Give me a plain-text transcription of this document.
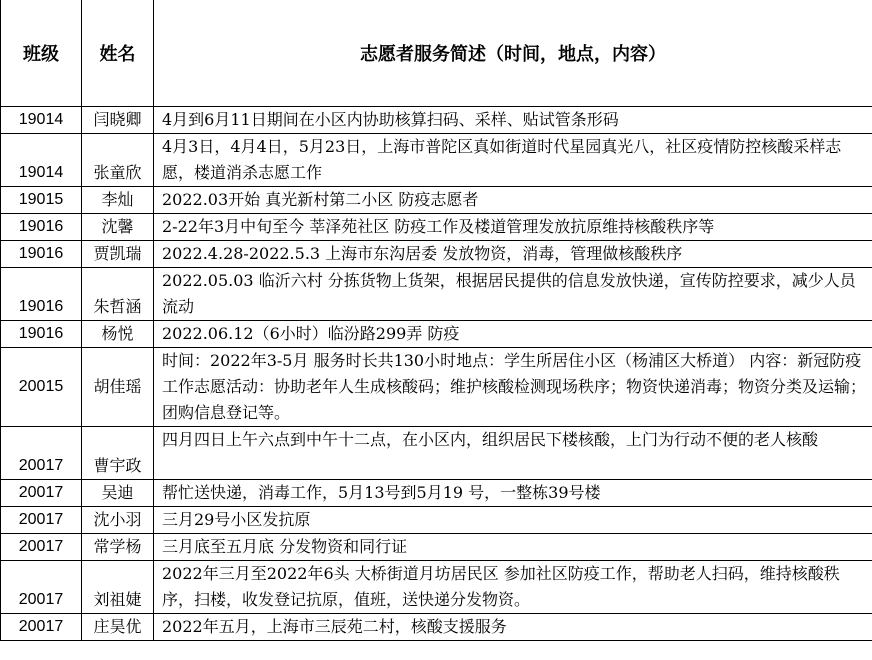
班级	姓名	志愿者服务简述（时间，地点，内容）
19014	闫晓卿	4月到6月11日期间在小区内协助核算扫码、采样、贴试管条形码
19014	张童欣	4月3日，4月4日，5月23日，上海市普陀区真如街道时代星园真光八，社区疫情防控核酸采样志愿，楼道消杀志愿工作
19015	李灿	2022.03开始 真光新村第二小区 防疫志愿者
19016	沈馨	2-22年3月中旬至今 莘泽苑社区 防疫工作及楼道管理发放抗原维持核酸秩序等
19016	贾凯瑞	2022.4.28-2022.5.3 上海市东沟居委 发放物资，消毒，管理做核酸秩序
19016	朱哲涵	2022.05.03 临沂六村 分拣货物上货架，根据居民提供的信息发放快递，宣传防控要求，减少人员流动
19016	杨悦	2022.06.12（6小时）临汾路299弄 防疫
20015	胡佳瑶	时间：2022年3-5月 服务时长共130小时地点：学生所居住小区（杨浦区大桥道） 内容：新冠防疫工作志愿活动：协助老年人生成核酸码；维护核酸检测现场秩序；物资快递消毒；物资分类及运输；团购信息登记等。
20017	曹宇政	四月四日上午六点到中午十二点，在小区内，组织居民下楼核酸，上门为行动不便的老人核酸
20017	吴迪	帮忙送快递，消毒工作，5月13号到5月19 号，一整栋39号楼
20017	沈小羽	三月29号小区发抗原
20017	常学杨	三月底至五月底 分发物资和同行证
20017	刘祖婕	2022年三月至2022年6头 大桥街道月坊居民区 参加社区防疫工作，帮助老人扫码，维持核酸秩序，扫楼，收发登记抗原，值班，送快递分发物资。
20017	庄昊优	2022年五月，上海市三辰苑二村，核酸支援服务
